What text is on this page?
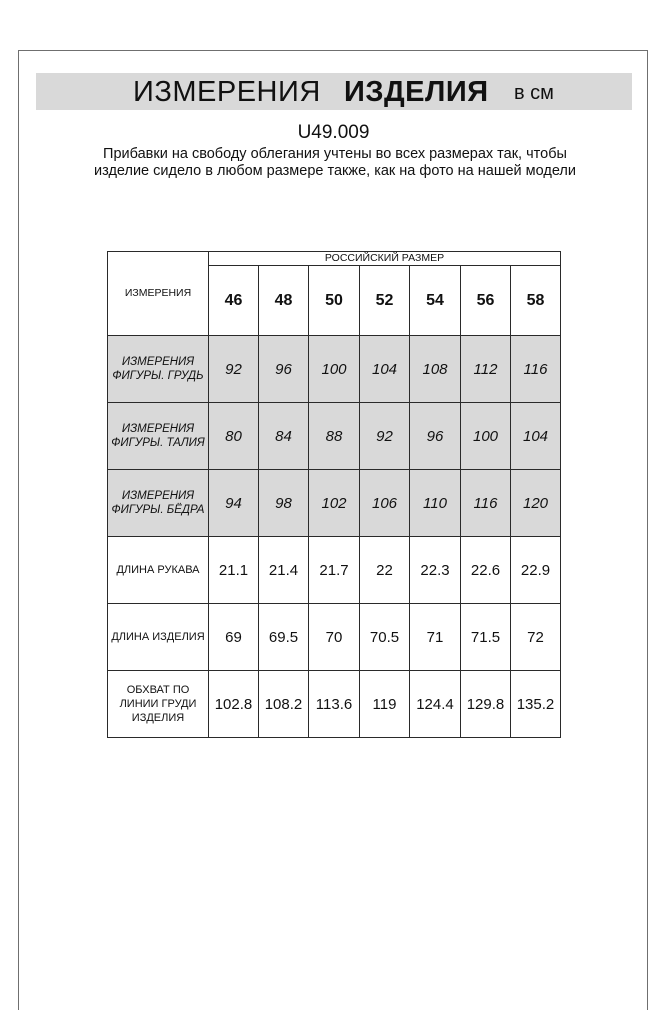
ИЗМЕРЕНИЯ ИЗДЕЛИЯ в см
U49.009
Прибавки на свободу облегания учтены во всех размерах так, чтобы изделие сидело в любом размере также, как на фото на нашей модели
ИЗМЕРЕНИЯ	РОССИЙСКИЙ РАЗМЕР						
	46	48	50	52	54	56	58
ИЗМЕРЕНИЯ ФИГУРЫ. ГРУДЬ	92	96	100	104	108	112	116
ИЗМЕРЕНИЯ ФИГУРЫ. ТАЛИЯ	80	84	88	92	96	100	104
ИЗМЕРЕНИЯ ФИГУРЫ. БЁДРА	94	98	102	106	110	116	120
ДЛИНА РУКАВА	21.1	21.4	21.7	22	22.3	22.6	22.9
ДЛИНА ИЗДЕЛИЯ	69	69.5	70	70.5	71	71.5	72
ОБХВАТ ПО ЛИНИИ ГРУДИ ИЗДЕЛИЯ	102.8	108.2	113.6	119	124.4	129.8	135.2
